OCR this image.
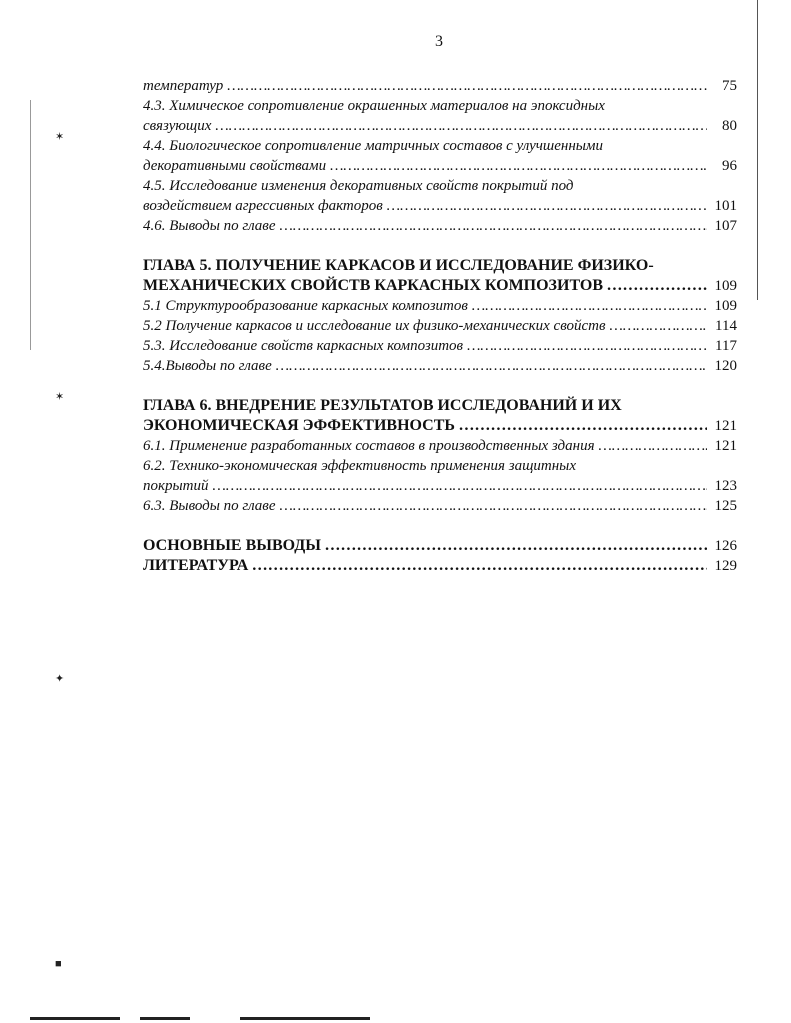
✶
✶
✦
■
3
температур ……………………………………………………………………………………………………………………………………	75
4.3. Химическое сопротивление окрашенных материалов на эпоксидных
связующих ……………………………………………………………………………………………………………………………………	80
4.4. Биологическое сопротивление матричных составов с улучшенными
декоративными свойствами ……………………………………………………………………………………………………………………………………	96
4.5. Исследование изменения декоративных свойств покрытий под
воздействием агрессивных факторов ……………………………………………………………………………………………………………………………………	101
4.6. Выводы по главе ……………………………………………………………………………………………………………………………………	107
ГЛАВА 5. ПОЛУЧЕНИЕ КАРКАСОВ И ИССЛЕДОВАНИЕ ФИЗИКО-
МЕХАНИЧЕСКИХ СВОЙСТВ КАРКАСНЫХ КОМПОЗИТОВ ……………………………………………………………………………………………………………………………………	109
5.1 Структурообразование каркасных композитов ……………………………………………………………………………………………………………………………………	109
5.2 Получение каркасов и исследование их физико-механических свойств ……………………………………………………………………………………………………………………………………	114
5.3. Исследование свойств каркасных композитов ……………………………………………………………………………………………………………………………………	117
5.4.Выводы по главе ……………………………………………………………………………………………………………………………………	120
ГЛАВА 6. ВНЕДРЕНИЕ РЕЗУЛЬТАТОВ ИССЛЕДОВАНИЙ И ИХ
ЭКОНОМИЧЕСКАЯ ЭФФЕКТИВНОСТЬ ……………………………………………………………………………………………………………………………………	121
6.1. Применение разработанных составов в производственных здания ……………………………………………………………………………………………………………………………………	121
6.2. Технико-экономическая эффективность применения защитных
покрытий ……………………………………………………………………………………………………………………………………	123
6.3. Выводы по главе ……………………………………………………………………………………………………………………………………	125
ОСНОВНЫЕ ВЫВОДЫ ……………………………………………………………………………………………………………………………………	126
ЛИТЕРАТУРА ……………………………………………………………………………………………………………………………………	129
